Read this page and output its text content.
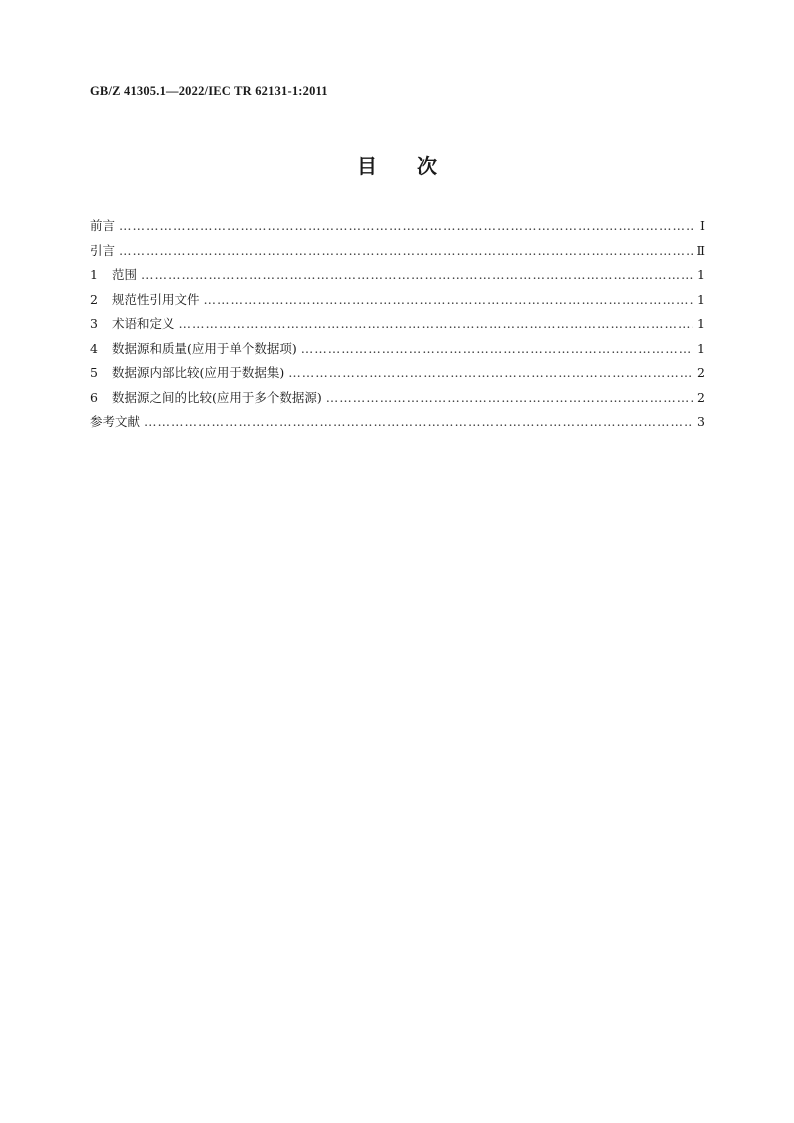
GB/Z 41305.1—2022/IEC TR 62131-1:2011
目次
前言 ………………………………………………………………………………………………………………………………………………………………………………………………	Ⅰ
引言 ………………………………………………………………………………………………………………………………………………………………………………………………	Ⅱ
1	范围 ………………………………………………………………………………………………………………………………………………………………………………………………	1
2	规范性引用文件 ………………………………………………………………………………………………………………………………………………………………………………………………	1
3	术语和定义 ………………………………………………………………………………………………………………………………………………………………………………………………	1
4	数据源和质量(应用于单个数据项) ………………………………………………………………………………………………………………………………………………………………………………………………	1
5	数据源内部比较(应用于数据集) ………………………………………………………………………………………………………………………………………………………………………………………………	2
6	数据源之间的比较(应用于多个数据源) ………………………………………………………………………………………………………………………………………………………………………………………………	2
参考文献 ………………………………………………………………………………………………………………………………………………………………………………………………	3
